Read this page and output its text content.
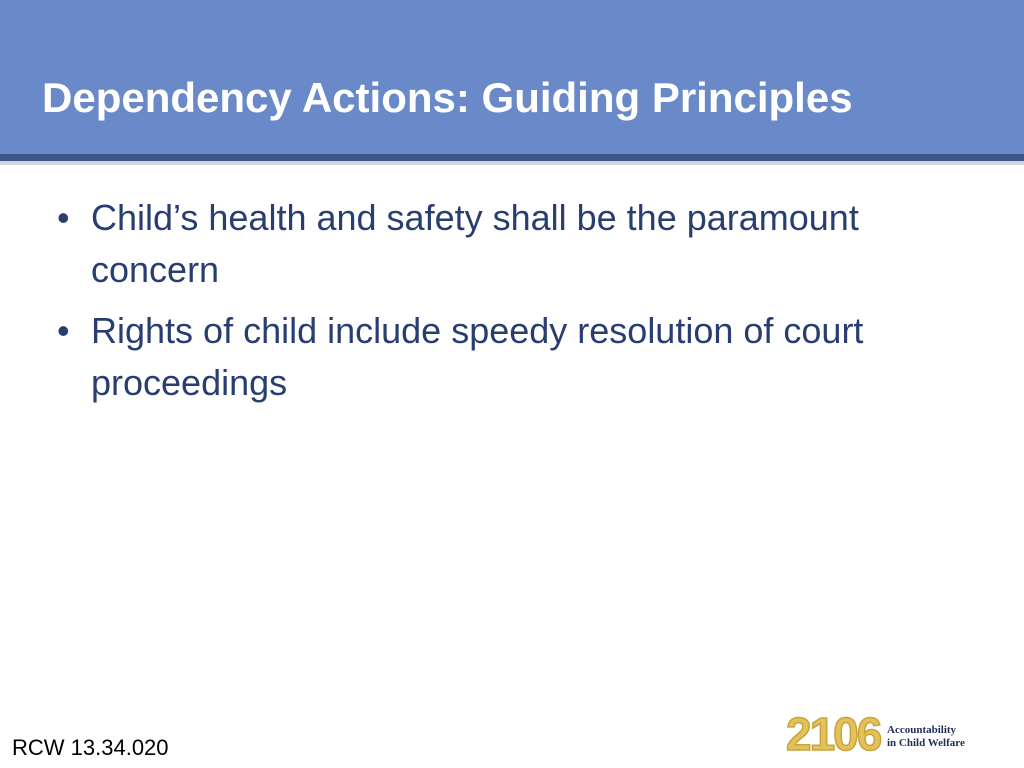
Dependency Actions: Guiding Principles
• Child’s health and safety shall be the paramount concern
• Rights of child include speedy resolution of court proceedings
RCW 13.34.020	2106 Accountability
in Child Welfare
